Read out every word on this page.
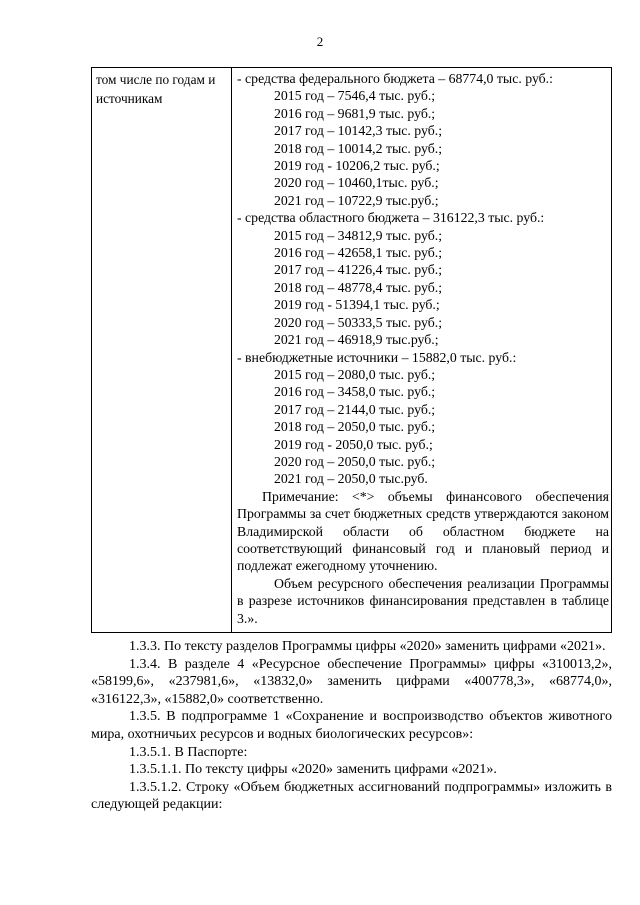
2
том числе по годам и источникам
- средства федерального бюджета – 68774,0 тыс. руб.:
2015 год – 7546,4 тыс. руб.;
2016 год – 9681,9 тыс. руб.;
2017 год – 10142,3 тыс. руб.;
2018 год – 10014,2 тыс. руб.;
2019 год - 10206,2 тыс. руб.;
2020 год – 10460,1тыс. руб.;
2021 год – 10722,9 тыс.руб.;
- средства областного бюджета – 316122,3 тыс. руб.:
2015 год – 34812,9 тыс. руб.;
2016 год – 42658,1 тыс. руб.;
2017 год – 41226,4 тыс. руб.;
2018 год – 48778,4 тыс. руб.;
2019 год - 51394,1 тыс. руб.;
2020 год – 50333,5 тыс. руб.;
2021 год – 46918,9 тыс.руб.;
- внебюджетные источники – 15882,0 тыс. руб.:
2015 год – 2080,0 тыс. руб.;
2016 год – 3458,0 тыс. руб.;
2017 год – 2144,0 тыс. руб.;
2018 год – 2050,0 тыс. руб.;
2019 год - 2050,0 тыс. руб.;
2020 год – 2050,0 тыс. руб.;
2021 год – 2050,0 тыс.руб.
Примечание: <*> объемы финансового обеспечения Программы за счет бюджетных средств утверждаются законом Владимирской области об областном бюджете на соответствующий финансовый год и плановый период и подлежат ежегодному уточнению.
Объем ресурсного обеспечения реализации Программы в разрезе источников финансирования представлен в таблице 3.».

1.3.3. По тексту разделов Программы цифры «2020» заменить цифрами «2021».

1.3.4. В разделе 4 «Ресурсное обеспечение Программы» цифры «310013,2», «58199,6», «237981,6», «13832,0» заменить цифрами «400778,3», «68774,0», «316122,3», «15882,0» соответственно.

1.3.5. В подпрограмме 1 «Сохранение и воспроизводство объектов животного мира, охотничьих ресурсов и водных биологических ресурсов»:

1.3.5.1. В Паспорте:

1.3.5.1.1. По тексту цифры «2020» заменить цифрами «2021».

1.3.5.1.2. Строку «Объем бюджетных ассигнований подпрограммы» изложить в следующей редакции:
